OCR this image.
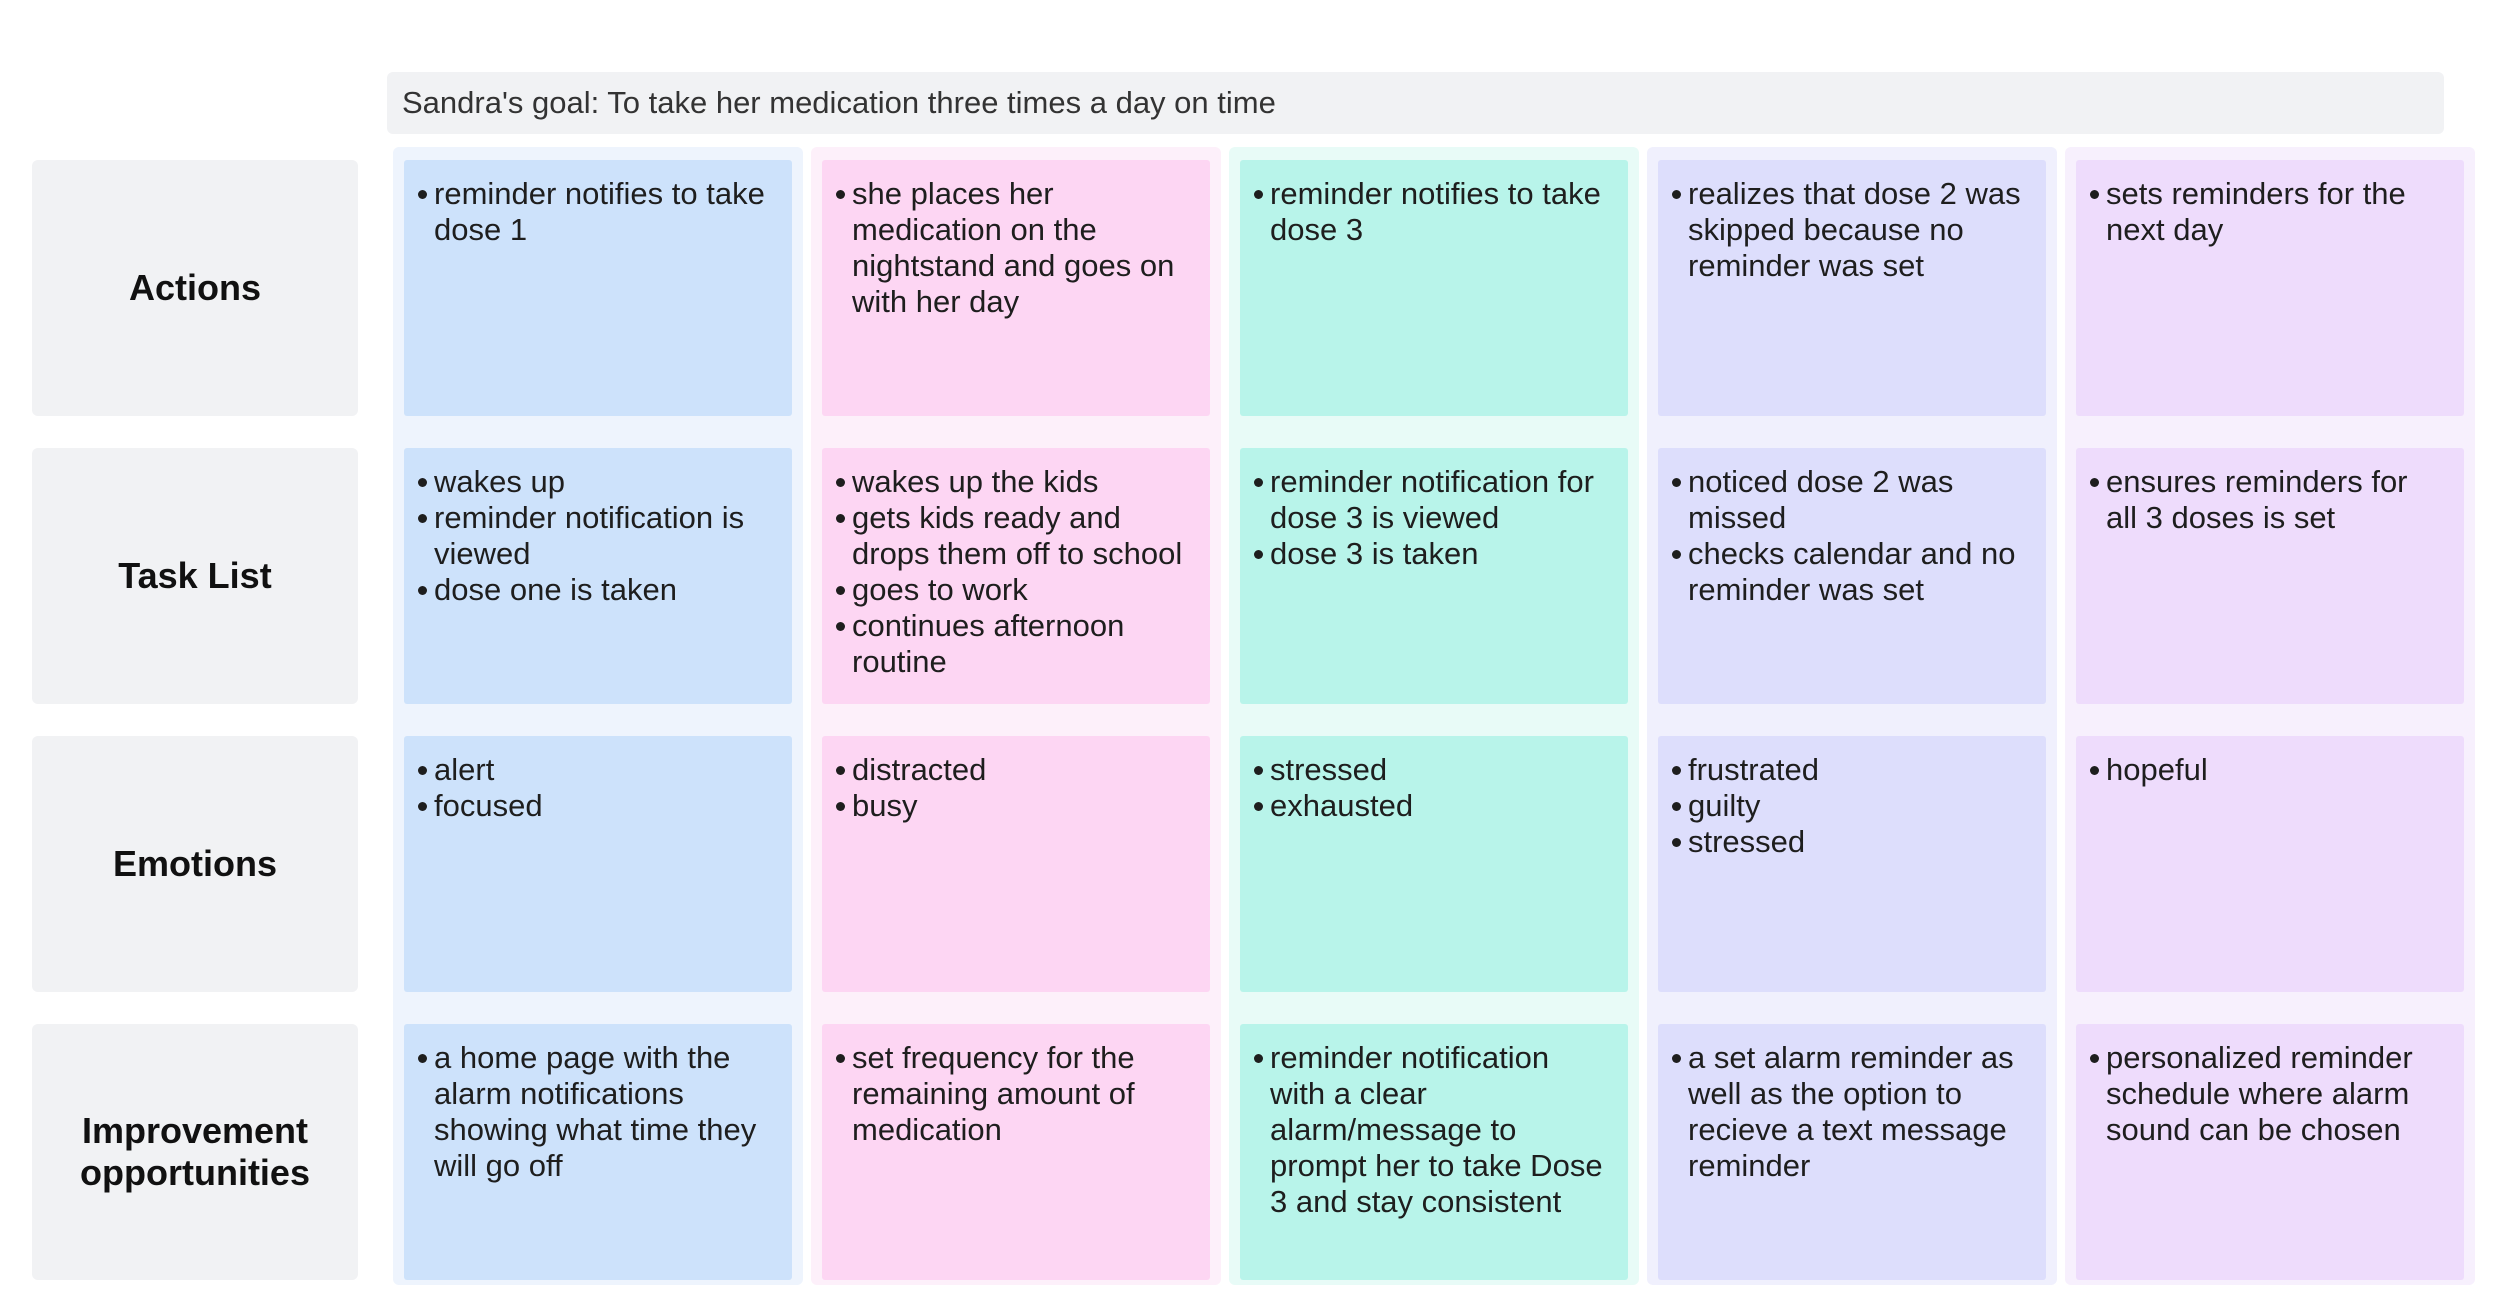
Sandra's goal: To take her medication three times a day on time
Actions
Task List
Emotions
Improvement
opportunities
reminder notifies to take dose 1
wakes up
reminder notification is viewed
dose one is taken
alert
focused
a home page with the alarm notifications showing what time they will go off
she places her medication on the nightstand and goes on with her day
wakes up the kids
gets kids ready and drops them off to school
goes to work
continues afternoon routine
distracted
busy
set frequency for the remaining amount of medication
reminder notifies to take dose 3
reminder notification for dose 3 is viewed
dose 3 is taken
stressed
exhausted
reminder notification with a clear alarm/message to prompt her to take Dose 3 and stay consistent
realizes that dose 2 was skipped because no reminder was set
noticed dose 2 was missed
checks calendar and no reminder was set
frustrated
guilty
stressed
a set alarm reminder as well as the option to recieve a text message reminder
sets reminders for the next day
ensures reminders for all 3 doses is set
hopeful
personalized reminder schedule where alarm sound can be chosen
